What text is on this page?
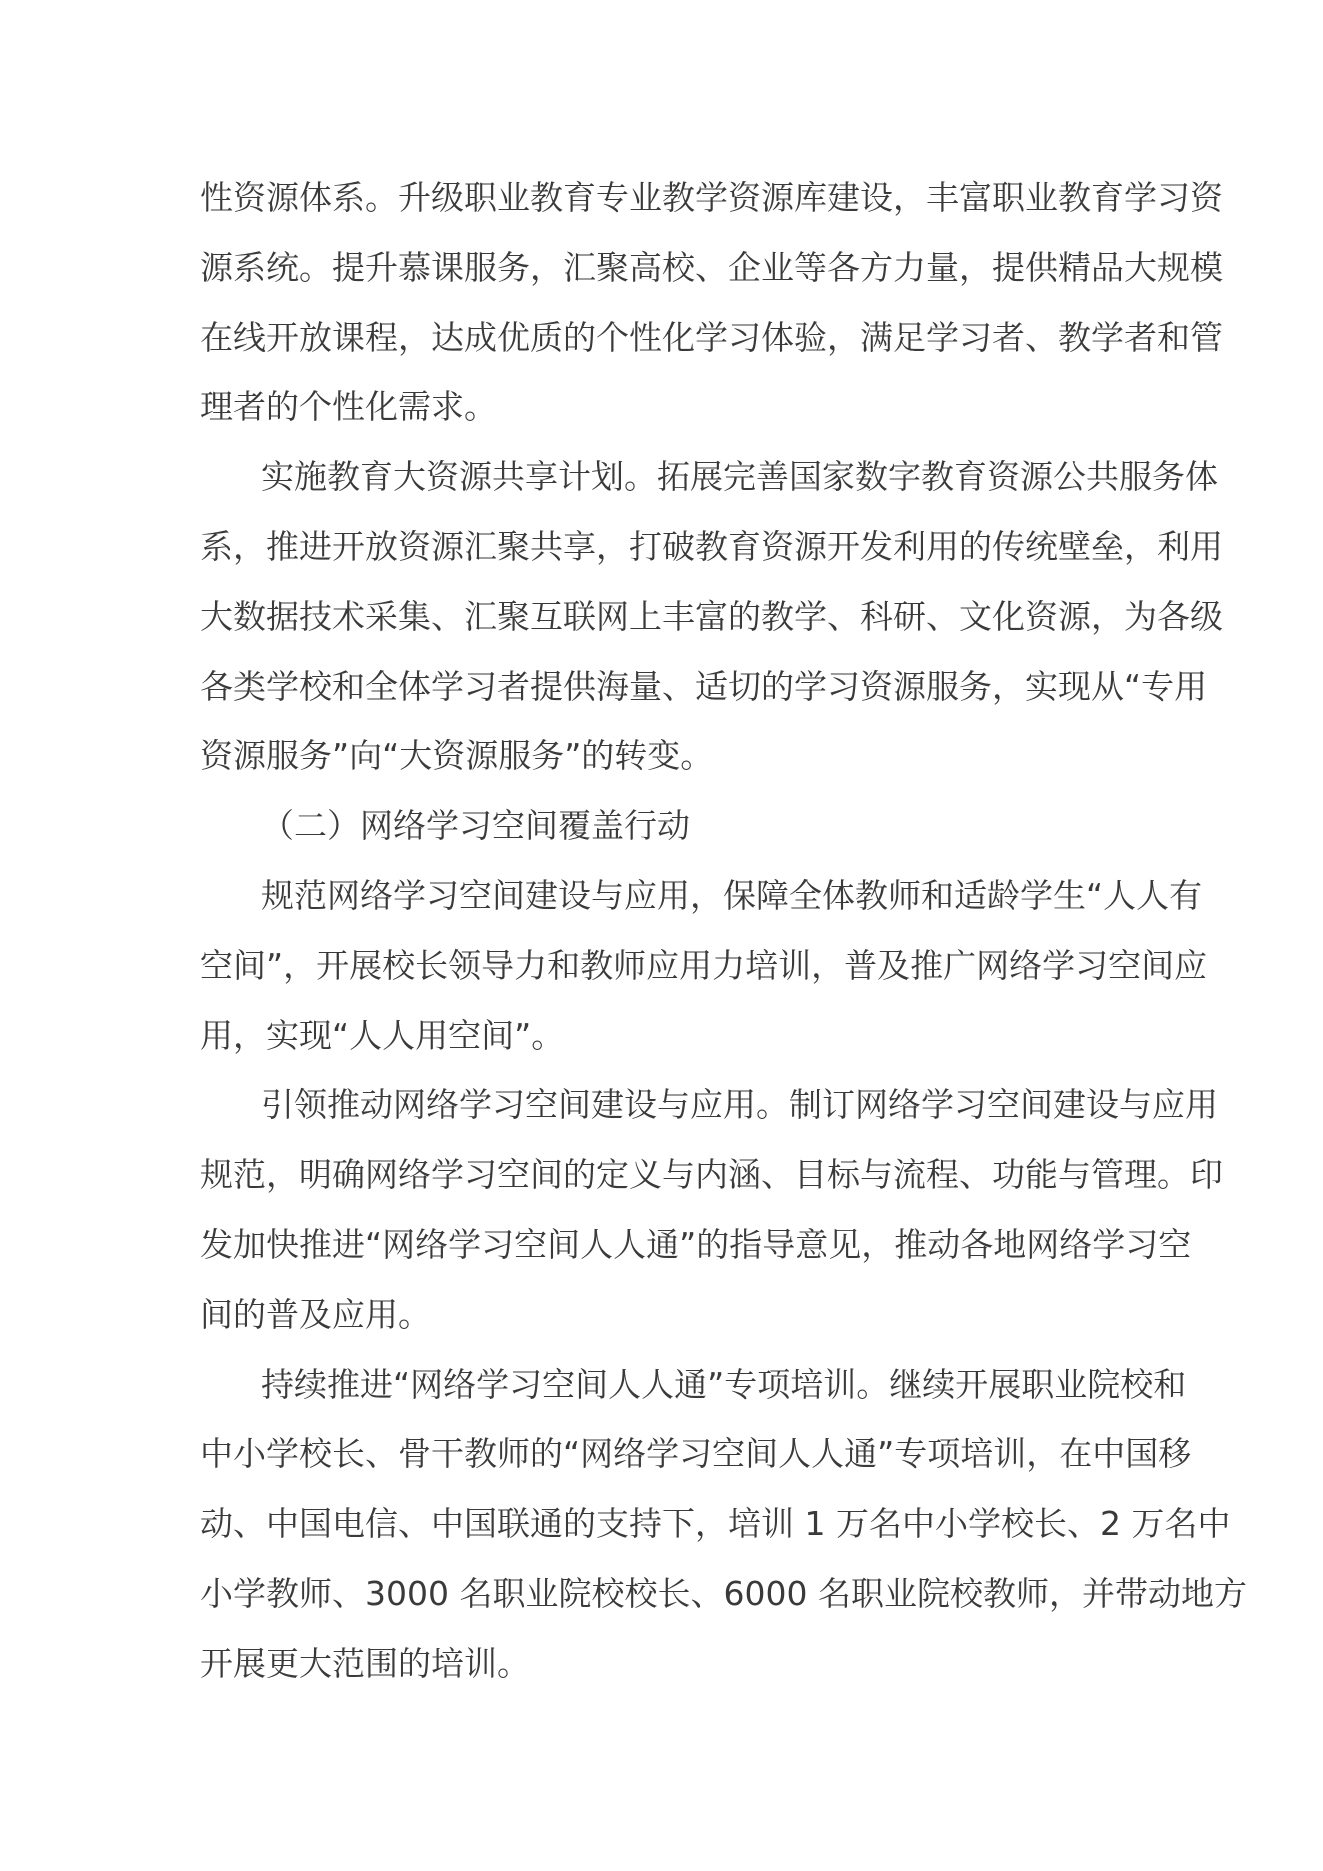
性资源体系。升级职业教育专业教学资源库建设，丰富职业教育学习资
源系统。提升慕课服务，汇聚高校、企业等各方力量，提供精品大规模
在线开放课程，达成优质的个性化学习体验，满足学习者、教学者和管
理者的个性化需求。
实施教育大资源共享计划。拓展完善国家数字教育资源公共服务体
系，推进开放资源汇聚共享，打破教育资源开发利用的传统壁垒，利用
大数据技术采集、汇聚互联网上丰富的教学、科研、文化资源，为各级
各类学校和全体学习者提供海量、适切的学习资源服务，实现从“专用
资源服务”向“大资源服务”的转变。
（二）网络学习空间覆盖行动
规范网络学习空间建设与应用，保障全体教师和适龄学生“人人有
空间”，开展校长领导力和教师应用力培训，普及推广网络学习空间应
用，实现“人人用空间”。
引领推动网络学习空间建设与应用。制订网络学习空间建设与应用
规范，明确网络学习空间的定义与内涵、目标与流程、功能与管理。印
发加快推进“网络学习空间人人通”的指导意见，推动各地网络学习空
间的普及应用。
持续推进“网络学习空间人人通”专项培训。继续开展职业院校和
中小学校长、骨干教师的“网络学习空间人人通”专项培训，在中国移
动、中国电信、中国联通的支持下，培训 1 万名中小学校长、2 万名中
小学教师、3000 名职业院校校长、6000 名职业院校教师，并带动地方
开展更大范围的培训。
